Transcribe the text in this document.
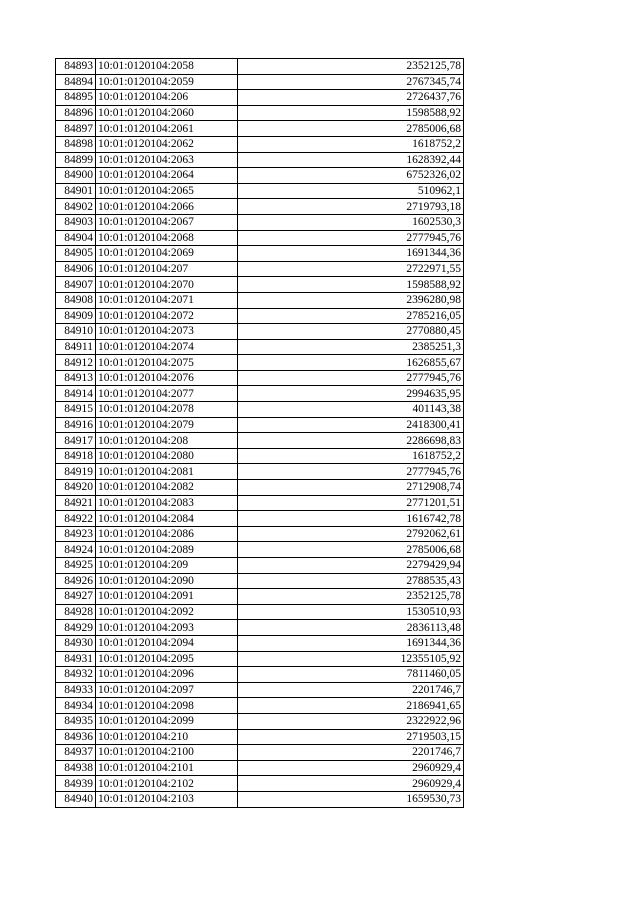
84893	10:01:0120104:2058	2352125,78
84894	10:01:0120104:2059	2767345,74
84895	10:01:0120104:206	2726437,76
84896	10:01:0120104:2060	1598588,92
84897	10:01:0120104:2061	2785006,68
84898	10:01:0120104:2062	1618752,2
84899	10:01:0120104:2063	1628392,44
84900	10:01:0120104:2064	6752326,02
84901	10:01:0120104:2065	510962,1
84902	10:01:0120104:2066	2719793,18
84903	10:01:0120104:2067	1602530,3
84904	10:01:0120104:2068	2777945,76
84905	10:01:0120104:2069	1691344,36
84906	10:01:0120104:207	2722971,55
84907	10:01:0120104:2070	1598588,92
84908	10:01:0120104:2071	2396280,98
84909	10:01:0120104:2072	2785216,05
84910	10:01:0120104:2073	2770880,45
84911	10:01:0120104:2074	2385251,3
84912	10:01:0120104:2075	1626855,67
84913	10:01:0120104:2076	2777945,76
84914	10:01:0120104:2077	2994635,95
84915	10:01:0120104:2078	401143,38
84916	10:01:0120104:2079	2418300,41
84917	10:01:0120104:208	2286698,83
84918	10:01:0120104:2080	1618752,2
84919	10:01:0120104:2081	2777945,76
84920	10:01:0120104:2082	2712908,74
84921	10:01:0120104:2083	2771201,51
84922	10:01:0120104:2084	1616742,78
84923	10:01:0120104:2086	2792062,61
84924	10:01:0120104:2089	2785006,68
84925	10:01:0120104:209	2279429,94
84926	10:01:0120104:2090	2788535,43
84927	10:01:0120104:2091	2352125,78
84928	10:01:0120104:2092	1530510,93
84929	10:01:0120104:2093	2836113,48
84930	10:01:0120104:2094	1691344,36
84931	10:01:0120104:2095	12355105,92
84932	10:01:0120104:2096	7811460,05
84933	10:01:0120104:2097	2201746,7
84934	10:01:0120104:2098	2186941,65
84935	10:01:0120104:2099	2322922,96
84936	10:01:0120104:210	2719503,15
84937	10:01:0120104:2100	2201746,7
84938	10:01:0120104:2101	2960929,4
84939	10:01:0120104:2102	2960929,4
84940	10:01:0120104:2103	1659530,73
